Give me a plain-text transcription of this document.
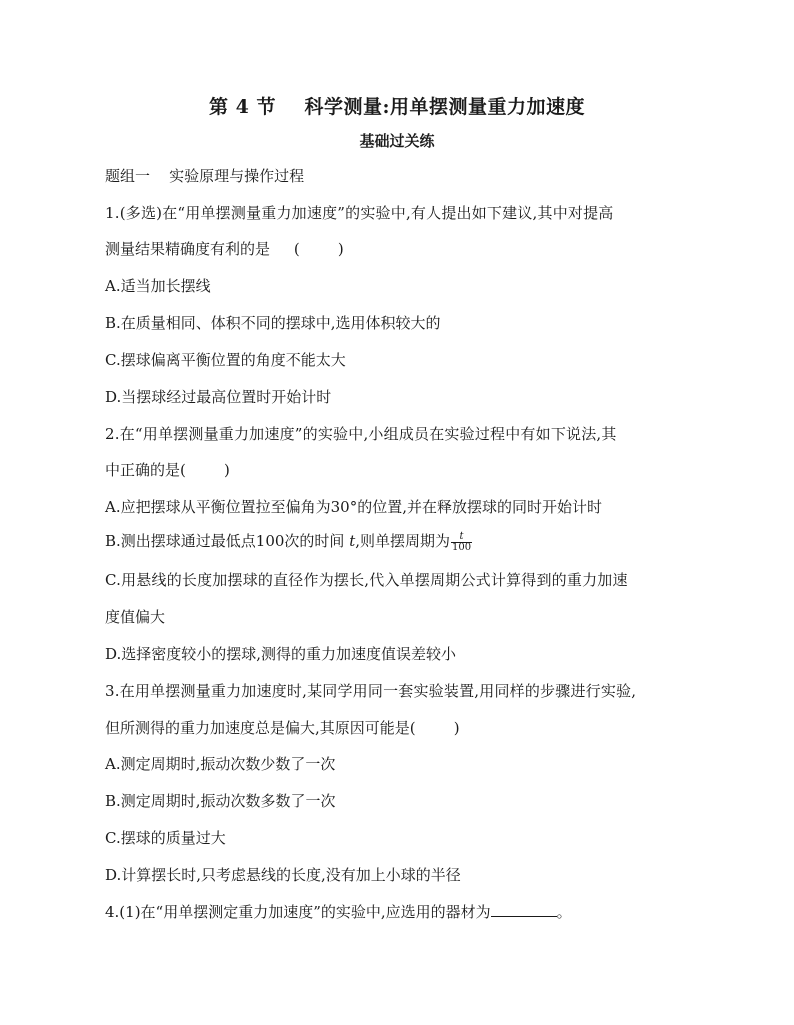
第 4 节    科学测量:用单摆测量重力加速度
基础过关练
题组一    实验原理与操作过程
1.(多选)在“用单摆测量重力加速度”的实验中,有人提出如下建议,其中对提高
测量结果精确度有利的是     (        )
A.适当加长摆线
B.在质量相同、体积不同的摆球中,选用体积较大的
C.摆球偏离平衡位置的角度不能太大
D.当摆球经过最高位置时开始计时
2.在“用单摆测量重力加速度”的实验中,小组成员在实验过程中有如下说法,其
中正确的是(        )
A.应把摆球从平衡位置拉至偏角为30°的位置,并在释放摆球的同时开始计时
B.测出摆球通过最低点100次的时间 t,则单摆周期为 $\frac{t}{100}$
C.用悬线的长度加摆球的直径作为摆长,代入单摆周期公式计算得到的重力加速
度值偏大
D.选择密度较小的摆球,测得的重力加速度值误差较小
3.在用单摆测量重力加速度时,某同学用同一套实验装置,用同样的步骤进行实验,
但所测得的重力加速度总是偏大,其原因可能是(        )
A.测定周期时,振动次数少数了一次
B.测定周期时,振动次数多数了一次
C.摆球的质量过大
D.计算摆长时,只考虑悬线的长度,没有加上小球的半径
4.(1)在“用单摆测定重力加速度”的实验中,应选用的器材为	。
